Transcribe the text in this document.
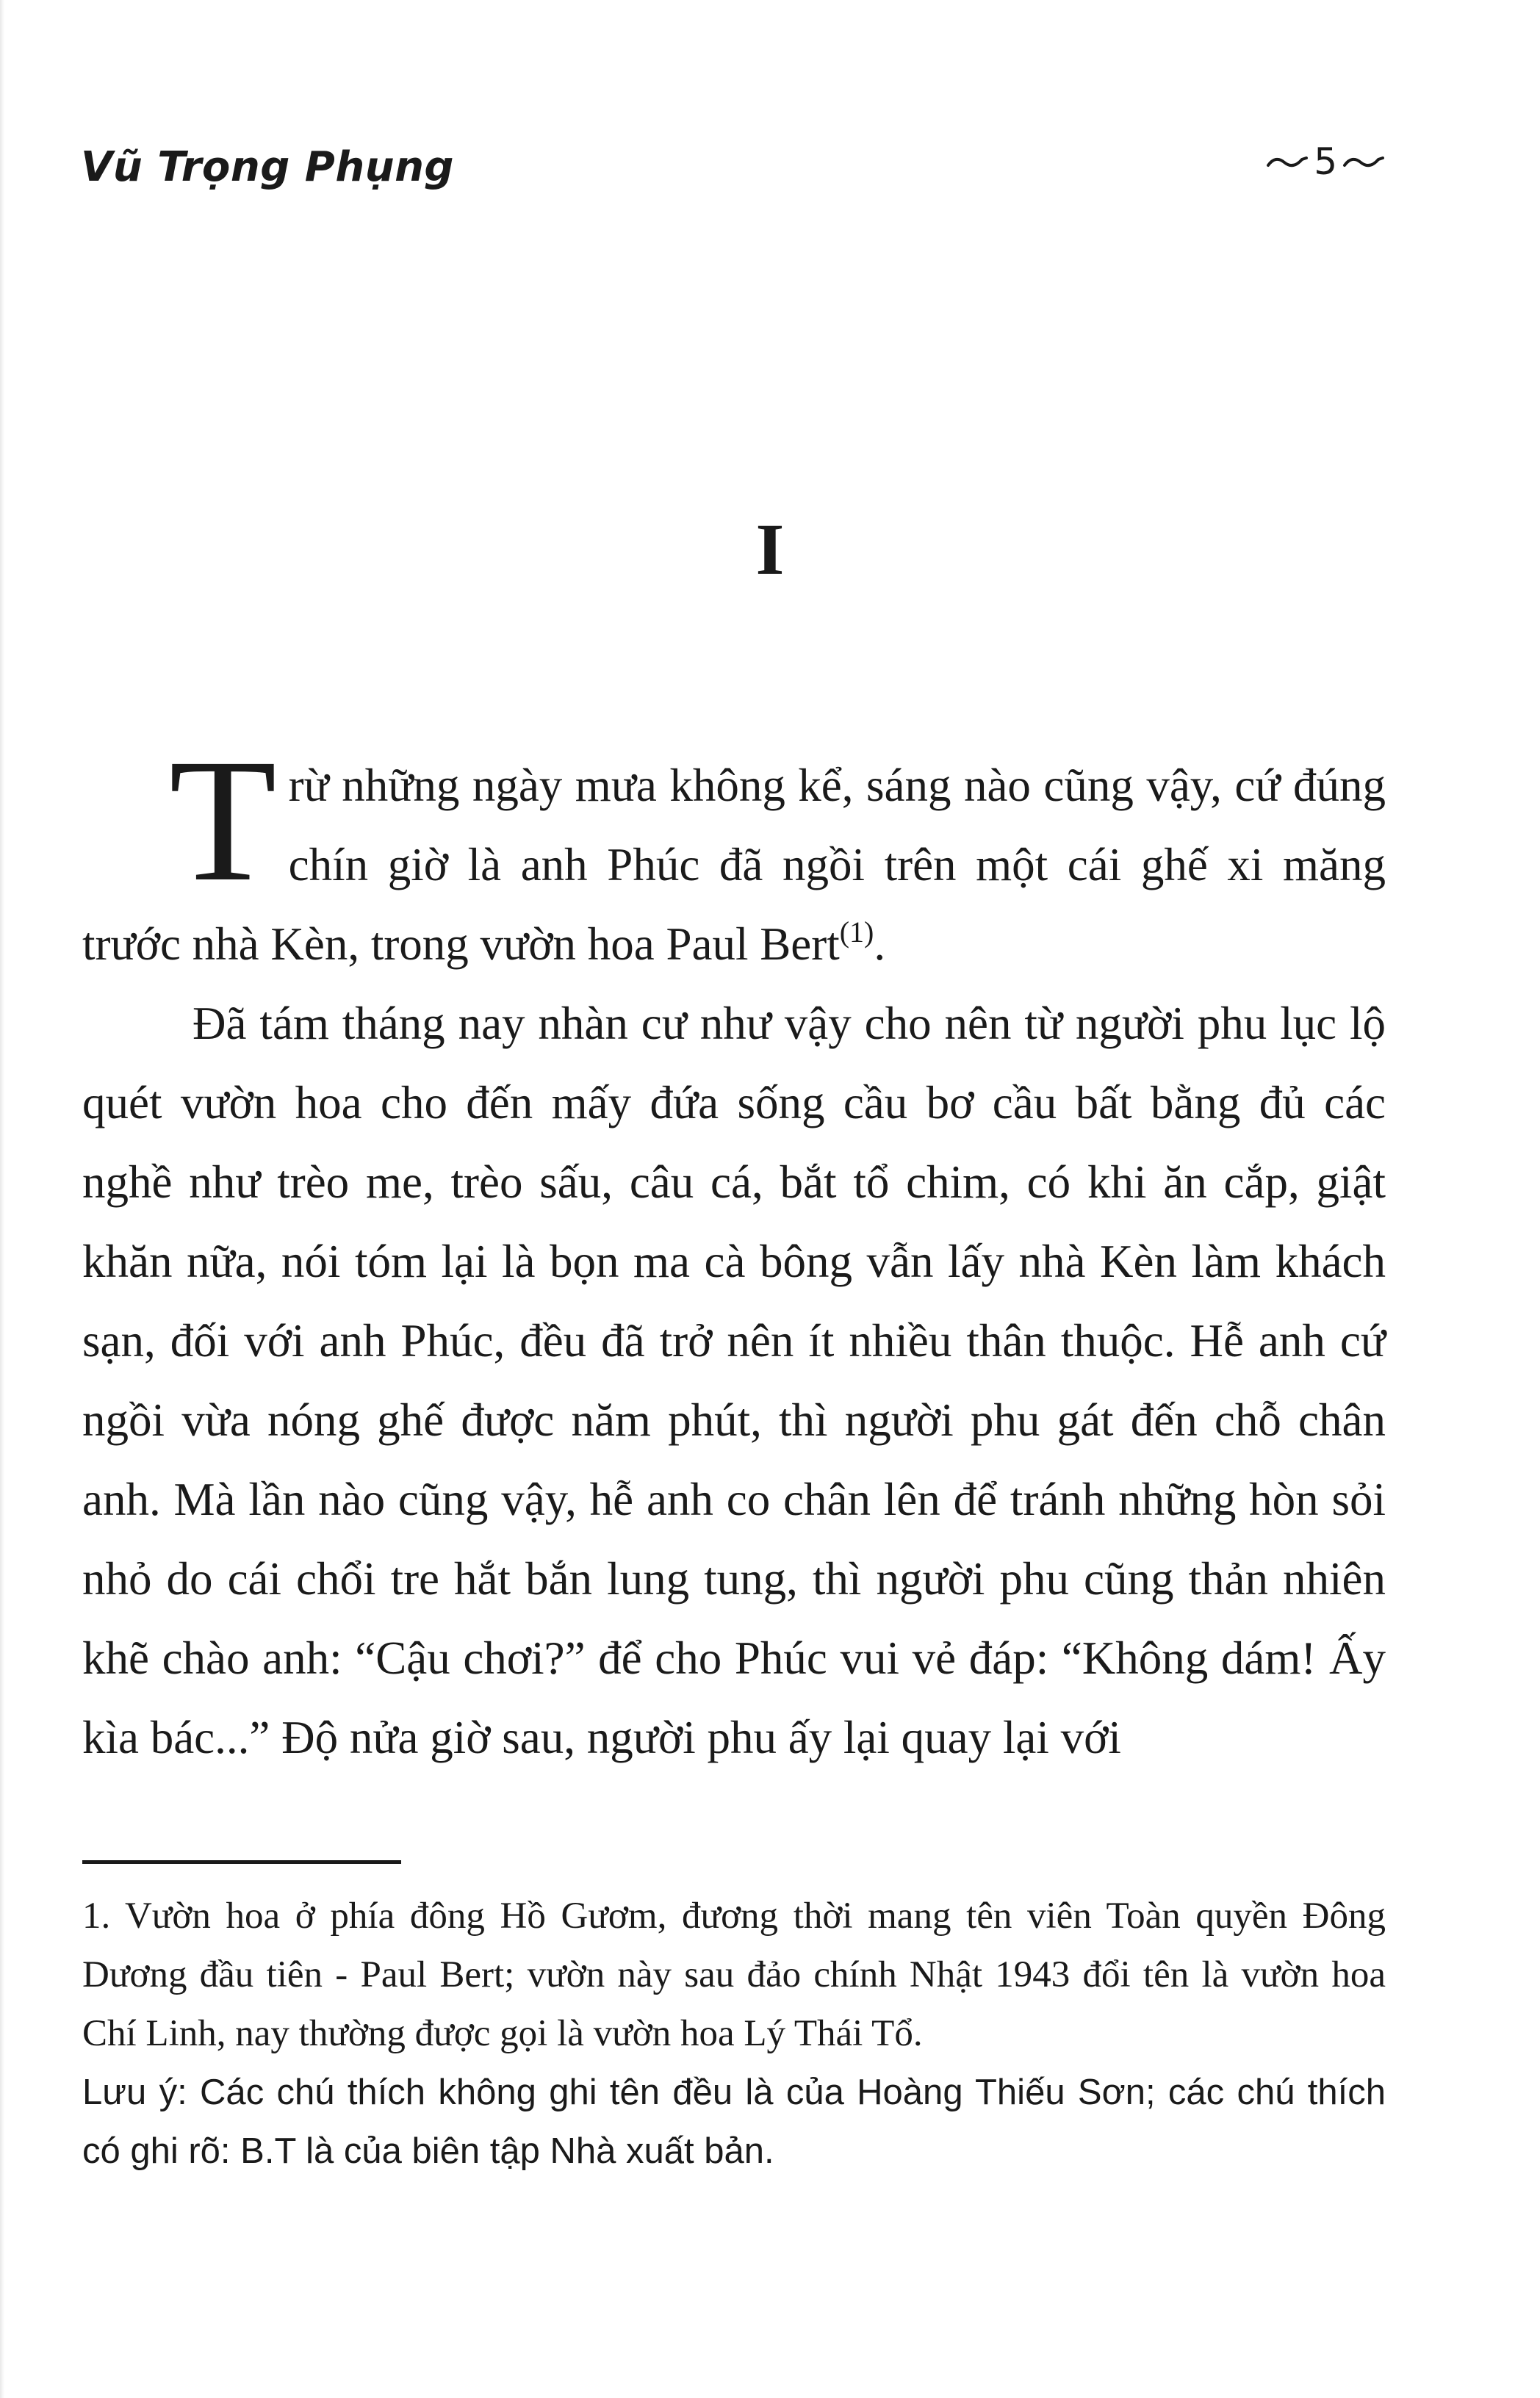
Vũ Trọng Phụng	5
I

Trừ những ngày mưa không kể, sáng nào cũng vậy, cứ đúng chín giờ là anh Phúc đã ngồi trên một cái ghế xi măng trước nhà Kèn, trong vườn hoa Paul Bert$^{(1)}$.

Đã tám tháng nay nhàn cư như vậy cho nên từ người phu lục lộ quét vườn hoa cho đến mấy đứa sống cầu bơ cầu bất bằng đủ các nghề như trèo me, trèo sấu, câu cá, bắt tổ chim, có khi ăn cắp, giật khăn nữa, nói tóm lại là bọn ma cà bông vẫn lấy nhà Kèn làm khách sạn, đối với anh Phúc, đều đã trở nên ít nhiều thân thuộc. Hễ anh cứ ngồi vừa nóng ghế được năm phút, thì người phu gát đến chỗ chân anh. Mà lần nào cũng vậy, hễ anh co chân lên để tránh những hòn sỏi nhỏ do cái chổi tre hắt bắn lung tung, thì người phu cũng thản nhiên khẽ chào anh: “Cậu chơi?” để cho Phúc vui vẻ đáp: “Không dám! Ấy kìa bác...” Độ nửa giờ sau, người phu ấy lại quay lại với

1. Vườn hoa ở phía đông Hồ Gươm, đương thời mang tên viên Toàn quyền Đông Dương đầu tiên - Paul Bert; vườn này sau đảo chính Nhật 1943 đổi tên là vườn hoa Chí Linh, nay thường được gọi là vườn hoa Lý Thái Tổ.

Lưu ý: Các chú thích không ghi tên đều là của Hoàng Thiếu Sơn; các chú thích có ghi rõ: B.T là của biên tập Nhà xuất bản.
